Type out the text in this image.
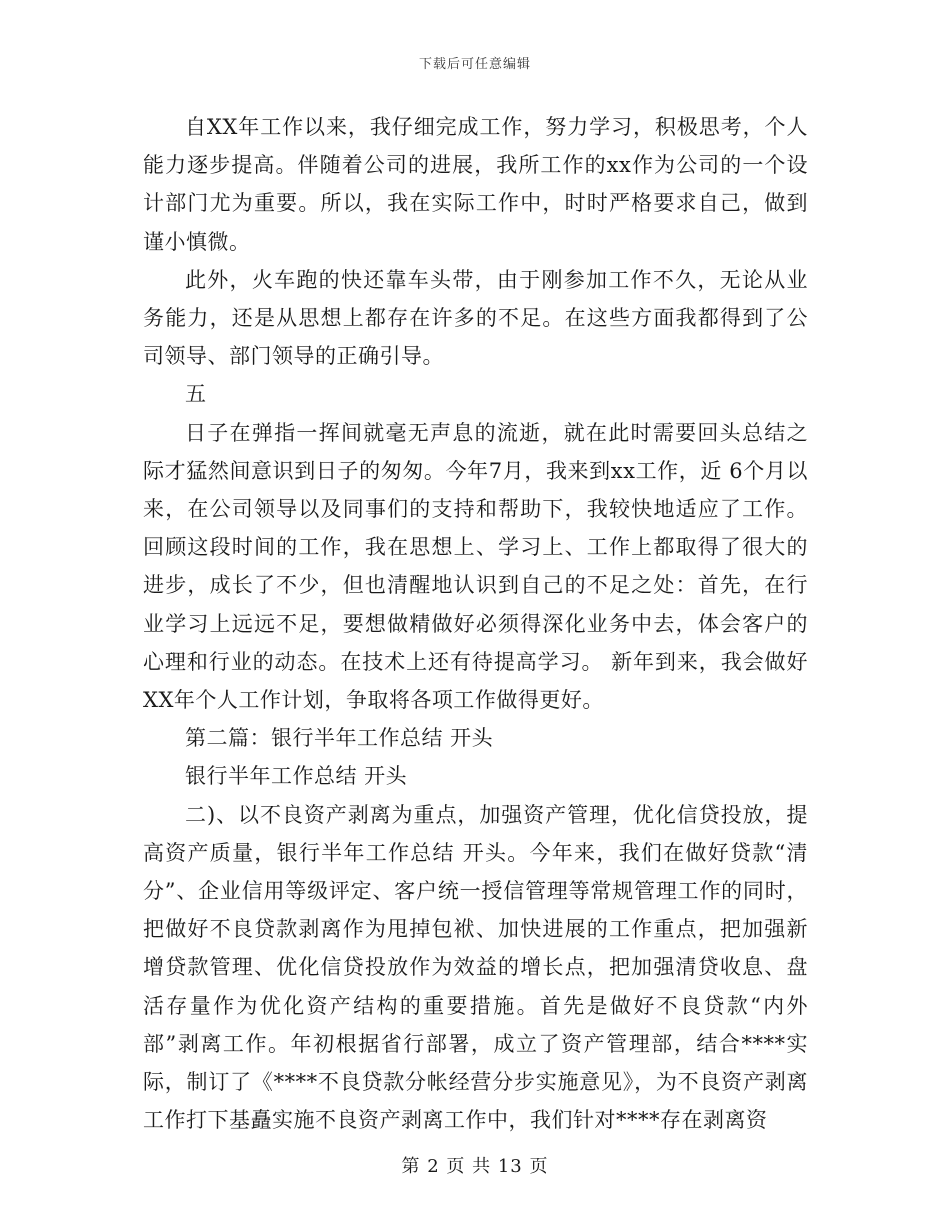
下载后可任意编辑

自XX年工作以来，我仔细完成工作，努力学习，积极思考，个人能力逐步提高。伴随着公司的进展，我所工作的xx作为公司的一个设计部门尤为重要。所以，我在实际工作中，时时严格要求自己，做到谨小慎微。

此外，火车跑的快还靠车头带，由于刚参加工作不久，无论从业务能力，还是从思想上都存在许多的不足。在这些方面我都得到了公司领导、部门领导的正确引导。

五

日子在弹指一挥间就毫无声息的流逝，就在此时需要回头总结之际才猛然间意识到日子的匆匆。今年7月，我来到xx工作，近 6个月以来，在公司领导以及同事们的支持和帮助下，我较快地适应了工作。回顾这段时间的工作，我在思想上、学习上、工作上都取得了很大的进步，成长了不少，但也清醒地认识到自己的不足之处：首先，在行业学习上远远不足，要想做精做好必须得深化业务中去，体会客户的心理和行业的动态。在技术上还有待提高学习。 新年到来，我会做好XX年个人工作计划，争取将各项工作做得更好。

第二篇：银行半年工作总结 开头

银行半年工作总结 开头

二)、以不良资产剥离为重点，加强资产管理，优化信贷投放，提高资产质量，银行半年工作总结 开头。今年来，我们在做好贷款“清分”、企业信用等级评定、客户统一授信管理等常规管理工作的同时，把做好不良贷款剥离作为甩掉包袱、加快进展的工作重点，把加强新增贷款管理、优化信贷投放作为效益的增长点，把加强清贷收息、盘活存量作为优化资产结构的重要措施。首先是做好不良贷款“内外部”剥离工作。年初根据省行部署，成立了资产管理部，结合****实际，制订了《****不良贷款分帐经营分步实施意见》，为不良资产剥离工作打下基矗实施不良资产剥离工作中，我们针对****存在剥离资

第 2 页 共 13 页
